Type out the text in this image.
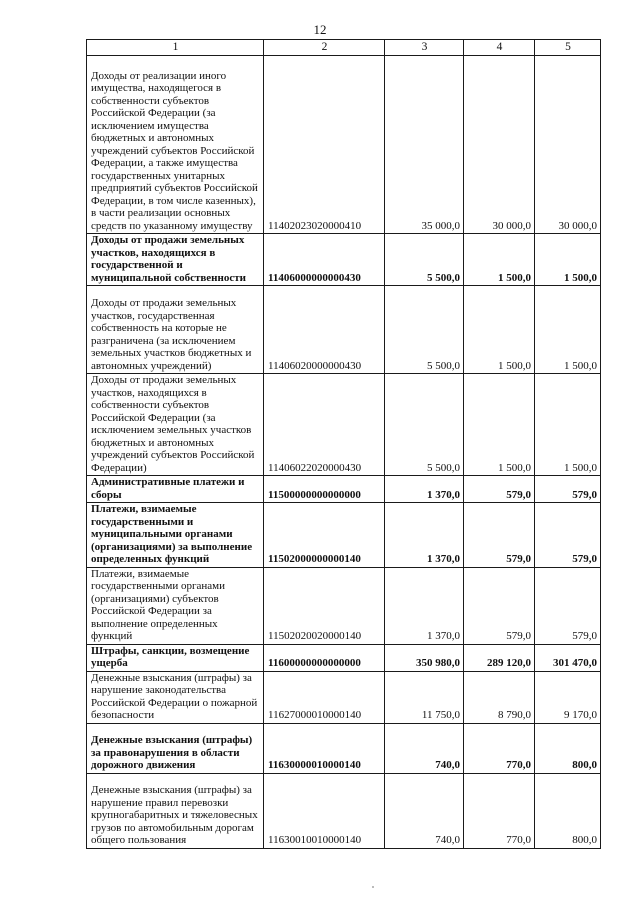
12
1	2	3	4	5
Доходы от реализации иного имущества, находящегося в собственности субъектов Российской Федерации (за исключением имущества бюджетных и автономных учреждений субъектов Российской Федерации, а также имущества государственных унитарных предприятий субъектов Российской Федерации, в том числе казенных), в части реализации основных средств по указанному имуществу	11402023020000410	35 000,0	30 000,0	30 000,0
Доходы от продажи земельных участков, находящихся в государственной и муниципальной собственности	11406000000000430	5 500,0	1 500,0	1 500,0
Доходы от продажи земельных участков, государственная собственность на которые не разграничена (за исключением земельных участков бюджетных и автономных учреждений)	11406020000000430	5 500,0	1 500,0	1 500,0
Доходы от продажи земельных участков, находящихся в собственности субъектов Российской Федерации (за исключением земельных участков бюджетных и автономных учреждений субъектов Российской Федерации)	11406022020000430	5 500,0	1 500,0	1 500,0
Административные платежи и сборы	11500000000000000	1 370,0	579,0	579,0
Платежи, взимаемые государственными и муниципальными органами (организациями) за выполнение определенных функций	11502000000000140	1 370,0	579,0	579,0
Платежи, взимаемые государственными органами (организациями) субъектов Российской Федерации за выполнение определенных функций	11502020020000140	1 370,0	579,0	579,0
Штрафы, санкции, возмещение ущерба	11600000000000000	350 980,0	289 120,0	301 470,0
Денежные взыскания (штрафы) за нарушение законодательства Российской Федерации о пожарной безопасности	11627000010000140	11 750,0	8 790,0	9 170,0
Денежные взыскания (штрафы) за правонарушения в области дорожного движения	11630000010000140	740,0	770,0	800,0
Денежные взыскания (штрафы) за нарушение правил перевозки крупногабаритных и тяжеловесных грузов по автомобильным дорогам общего пользования	11630010010000140	740,0	770,0	800,0
